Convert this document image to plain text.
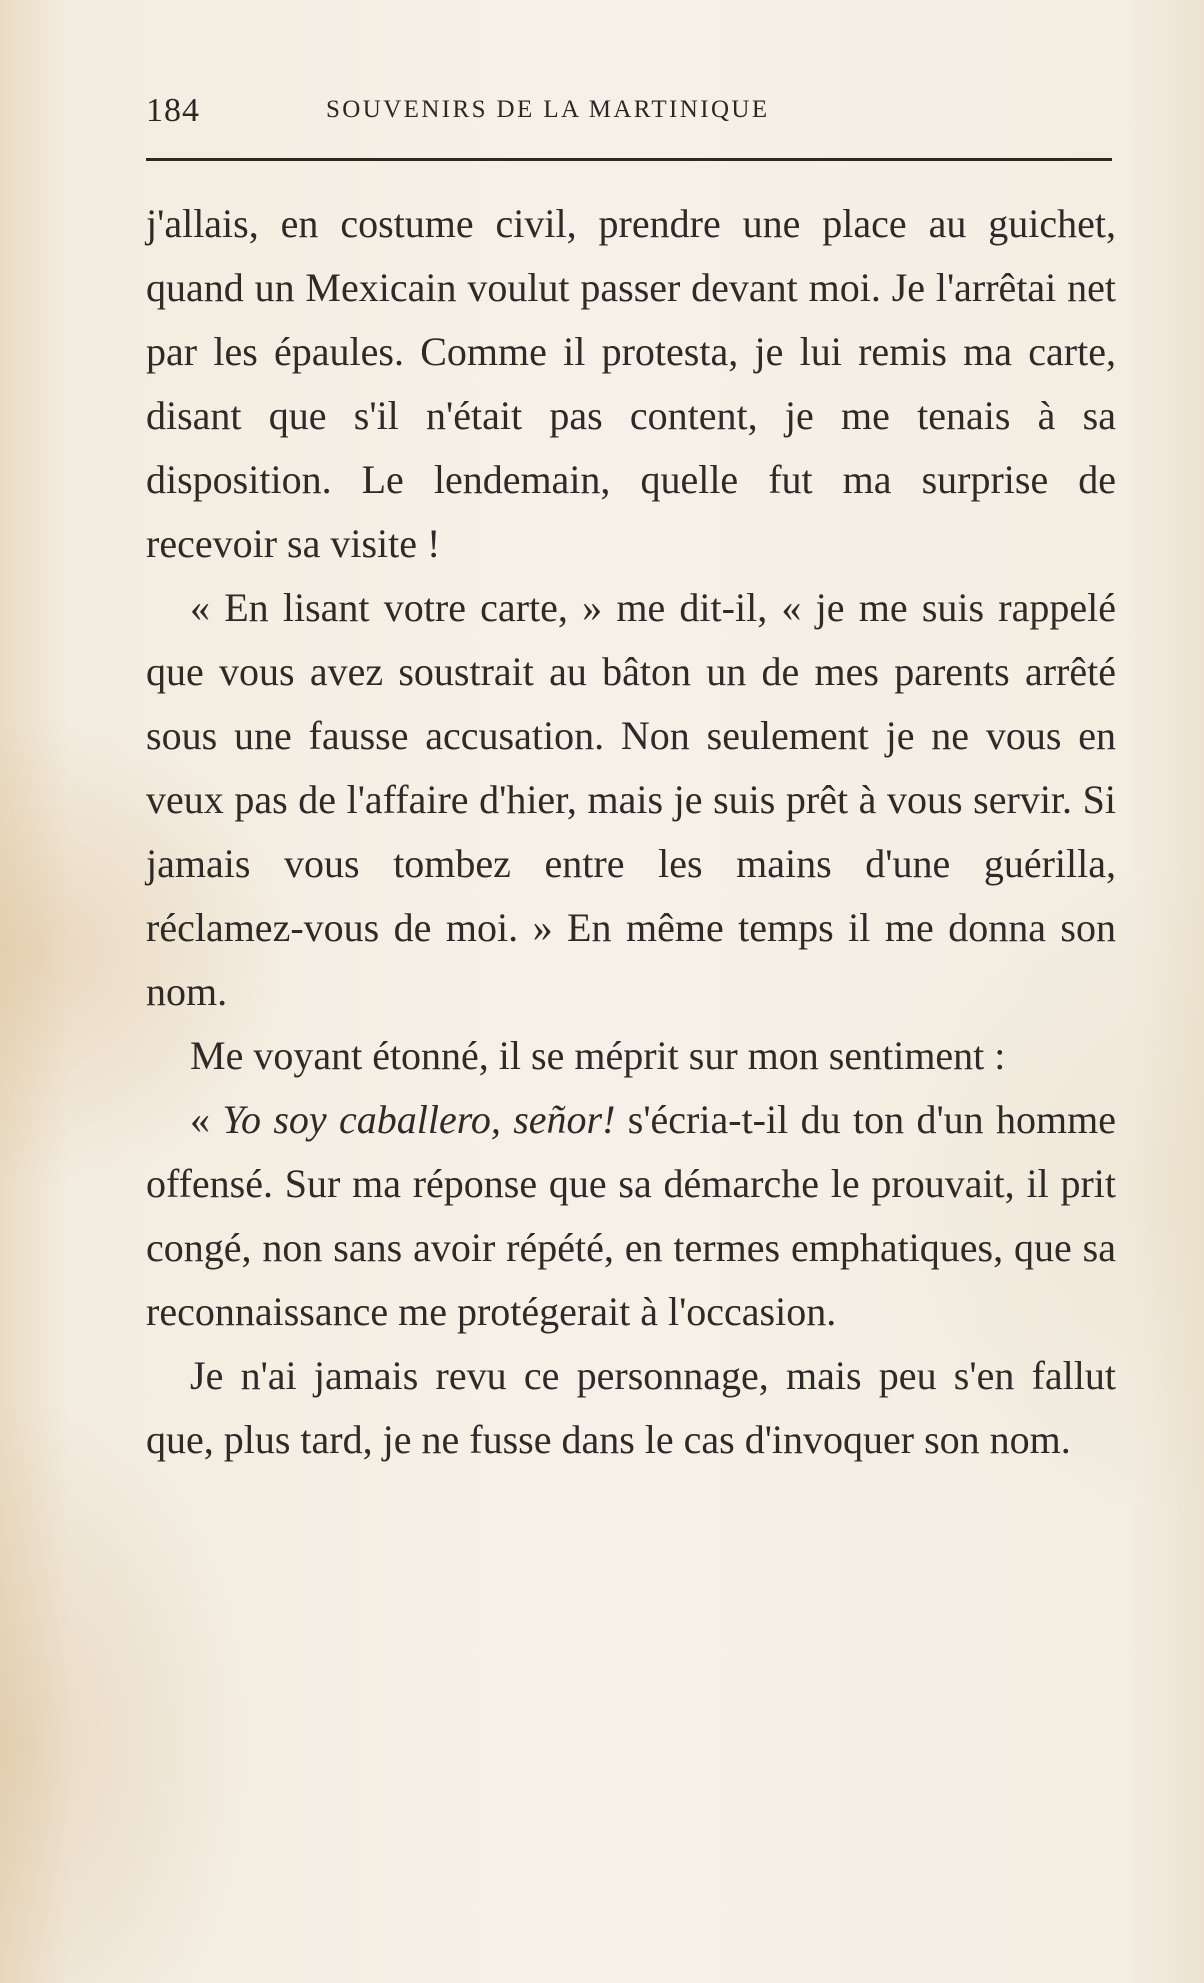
184	SOUVENIRS DE LA MARTINIQUE

j'allais, en costume civil, prendre une place au guichet, quand un Mexicain voulut passer devant moi. Je l'arrêtai net par les épaules. Comme il protesta, je lui remis ma carte, disant que s'il n'était pas content, je me tenais à sa disposition. Le lendemain, quelle fut ma surprise de recevoir sa visite !

« En lisant votre carte, » me dit-il, « je me suis rappelé que vous avez soustrait au bâton un de mes parents arrêté sous une fausse accusation. Non seulement je ne vous en veux pas de l'affaire d'hier, mais je suis prêt à vous servir. Si jamais vous tombez entre les mains d'une guérilla, réclamez-vous de moi. » En même temps il me donna son nom.

Me voyant étonné, il se méprit sur mon sentiment :

« Yo soy caballero, señor! s'écria-t-il du ton d'un homme offensé. Sur ma réponse que sa démarche le prouvait, il prit congé, non sans avoir répété, en termes emphatiques, que sa reconnaissance me protégerait à l'occasion.

Je n'ai jamais revu ce personnage, mais peu s'en fallut que, plus tard, je ne fusse dans le cas d'invoquer son nom.
